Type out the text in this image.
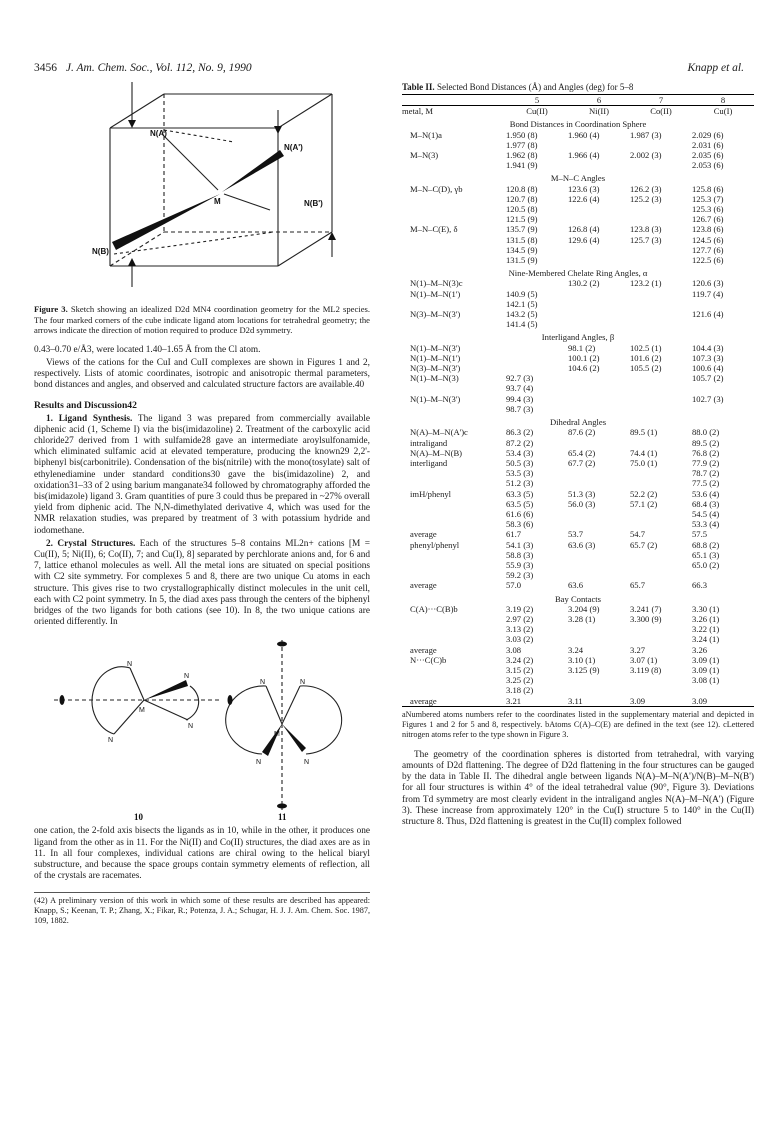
3456 J. Am. Chem. Soc., Vol. 112, No. 9, 1990	Knapp et al.
N(A)
N(A')
M
N(B)
N(B')
Figure 3. Sketch showing an idealized D2d MN4 coordination geometry for the ML2 species. The four marked corners of the cube indicate ligand atom locations for tetrahedral geometry; the arrows indicate the direction of motion required to produce D2d symmetry.

0.43–0.70 e/Å3, were located 1.40–1.65 Å from the Cl atom.

Views of the cations for the CuI and CuII complexes are shown in Figures 1 and 2, respectively. Lists of atomic coordinates, isotropic and anisotropic thermal parameters, bond distances and angles, and observed and calculated structure factors are available.40

Results and Discussion42

1. Ligand Synthesis. The ligand 3 was prepared from commercially available diphenic acid (1, Scheme I) via the bis(imidazoline) 2. Treatment of the carboxylic acid chloride27 derived from 1 with sulfamide28 gave an intermediate aroylsulfonamide, which eliminated sulfamic acid at elevated temperature, producing the known29 2,2'-biphenyl bis(carbonitrile). Condensation of the bis(nitrile) with the mono(tosylate) salt of ethylenediamine under standard conditions30 gave the bis(imidazoline) 2, and oxidation31–33 of 2 using barium manganate34 followed by chromatography afforded the bis(imidazole) ligand 3. Gram quantities of pure 3 could thus be prepared in ~27% overall yield from diphenic acid. The N,N-dimethylated derivative 4, which was used for the NMR relaxation studies, was prepared by treatment of 3 with potassium hydride and iodomethane.

2. Crystal Structures. Each of the structures 5–8 contains ML2n+ cations [M = Cu(II), 5; Ni(II), 6; Co(II), 7; and Cu(I), 8] separated by perchlorate anions and, for 6 and 7, lattice ethanol molecules as well. All the metal ions are situated on special positions with C2 site symmetry. For complexes 5 and 8, there are two unique Cu atoms in each structure. This gives rise to two crystallographically distinct molecules in the unit cell, each with C2 point symmetry. In 5, the diad axes pass through the centers of the biphenyl bridges of the two ligands for both cations (see 10). In 8, the two unique cations are oriented differently. In

N
N
N
N
M
N	N
N	N
M
10	11

one cation, the 2-fold axis bisects the ligands as in 10, while in the other, it produces one ligand from the other as in 11. For the Ni(II) and Co(II) structures, the diad axes are as in 11. In all four complexes, individual cations are chiral owing to the helical biaryl substructure, and because the space groups contain symmetry elements of reflection, all of the crystals are racemates.

(42) A preliminary version of this work in which some of these results are described has appeared: Knapp, S.; Keenan, T. P.; Zhang, X.; Fikar, R.; Potenza, J. A.; Schugar, H. J. J. Am. Chem. Soc. 1987, 109, 1882.
Table II. Selected Bond Distances (Å) and Angles (deg) for 5–8
	5	6	7	8
metal, M	Cu(II)	Ni(II)	Co(II)	Cu(I)
Bond Distances in Coordination Sphere				
M–N(1)a	1.950 (8)	1.960 (4)	1.987 (3)	2.029 (6)
	1.977 (8)			2.031 (6)
M–N(3)	1.962 (8)	1.966 (4)	2.002 (3)	2.035 (6)
	1.941 (9)			2.053 (6)
M–N–C Angles				
M–N–C(D), γb	120.8 (8)	123.6 (3)	126.2 (3)	125.8 (6)
	120.7 (8)	122.6 (4)	125.2 (3)	125.3 (7)
	120.5 (8)			125.3 (6)
	121.5 (9)			126.7 (6)
M–N–C(E), δ	135.7 (9)	126.8 (4)	123.8 (3)	123.8 (6)
	131.5 (8)	129.6 (4)	125.7 (3)	124.5 (6)
	134.5 (9)			127.7 (6)
	131.5 (9)			122.5 (6)
Nine-Membered Chelate Ring Angles, α				
N(1)–M–N(3)c		130.2 (2)	123.2 (1)	120.6 (3)
N(1)–M–N(1')	140.9 (5)			119.7 (4)
	142.1 (5)			
N(3)–M–N(3')	143.2 (5)			121.6 (4)
	141.4 (5)			
Interligand Angles, β				
N(1)–M–N(3')		98.1 (2)	102.5 (1)	104.4 (3)
N(1)–M–N(1')		100.1 (2)	101.6 (2)	107.3 (3)
N(3)–M–N(3')		104.6 (2)	105.5 (2)	100.6 (4)
N(1)–M–N(3)	92.7 (3)			105.7 (2)
	93.7 (4)			
N(1)–M–N(3')	99.4 (3)			102.7 (3)
	98.7 (3)			
Dihedral Angles				
N(A)–M–N(A')c	86.3 (2)	87.6 (2)	89.5 (1)	88.0 (2)
intraligand	87.2 (2)			89.5 (2)
N(A)–M–N(B)	53.4 (3)	65.4 (2)	74.4 (1)	76.8 (2)
interligand	50.5 (3)	67.7 (2)	75.0 (1)	77.9 (2)
	53.5 (3)			78.7 (2)
	51.2 (3)			77.5 (2)
imH/phenyl	63.3 (5)	51.3 (3)	52.2 (2)	53.6 (4)
	63.5 (5)	56.0 (3)	57.1 (2)	68.4 (3)
	61.6 (6)			54.5 (4)
	58.3 (6)			53.3 (4)
average	61.7	53.7	54.7	57.5
phenyl/phenyl	54.1 (3)	63.6 (3)	65.7 (2)	68.8 (2)
	58.8 (3)			65.1 (3)
	55.9 (3)			65.0 (2)
	59.2 (3)			
average	57.0	63.6	65.7	66.3
Bay Contacts				
C(A)···C(B)b	3.19 (2)	3.204 (9)	3.241 (7)	3.30 (1)
	2.97 (2)	3.28 (1)	3.300 (9)	3.26 (1)
	3.13 (2)			3.22 (1)
	3.03 (2)			3.24 (1)
average	3.08	3.24	3.27	3.26
N···C(C)b	3.24 (2)	3.10 (1)	3.07 (1)	3.09 (1)
	3.15 (2)	3.125 (9)	3.119 (8)	3.09 (1)
	3.25 (2)			3.08 (1)
	3.18 (2)			
average	3.21	3.11	3.09	3.09
aNumbered atoms numbers refer to the coordinates listed in the supplementary material and depicted in Figures 1 and 2 for 5 and 8, respectively. bAtoms C(A)–C(E) are defined in the text (see 12). cLettered nitrogen atoms refer to the type shown in Figure 3.

The geometry of the coordination spheres is distorted from tetrahedral, with varying amounts of D2d flattening. The degree of D2d flattening in the four structures can be gauged by the data in Table II. The dihedral angle between ligands N(A)–M–N(A')/N(B)–M–N(B') for all four structures is within 4° of the ideal tetrahedral value (90°, Figure 3). Deviations from Td symmetry are most clearly evident in the intraligand angles N(A)–M–N(A') (Figure 3). These increase from approximately 120° in the Cu(I) structure 5 to 140° in the Cu(II) structure 8. Thus, D2d flattening is greatest in the Cu(II) complex followed
